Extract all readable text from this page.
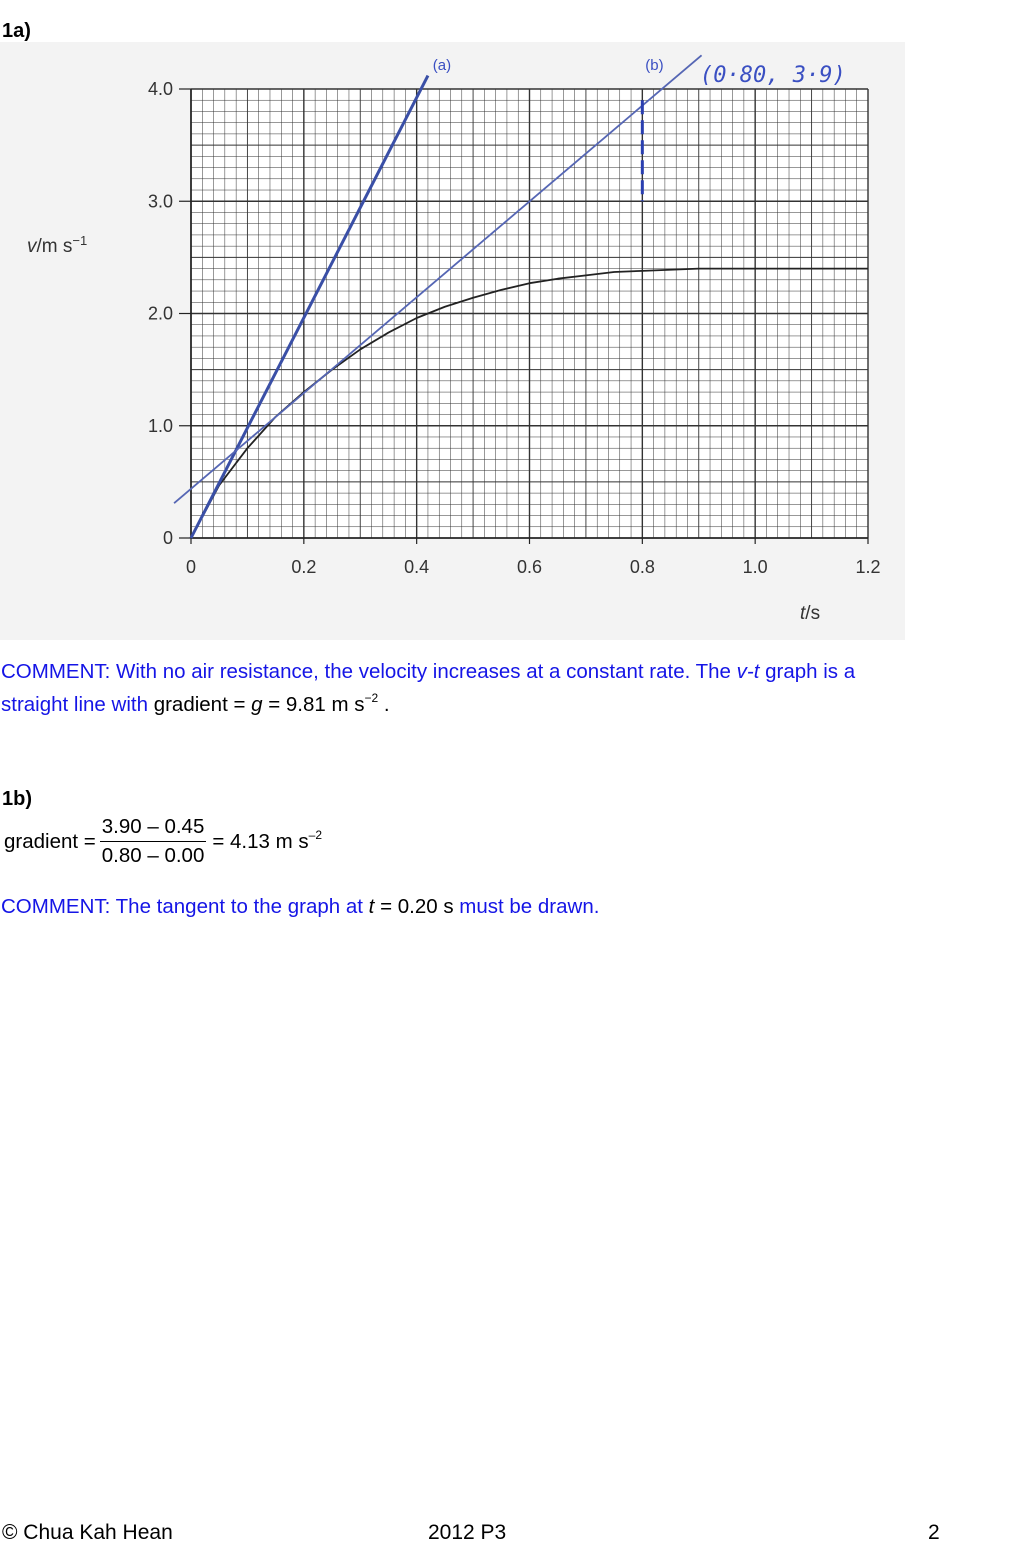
1a)
0	0.2	0.4	0.6	0.8	1.0	1.2
0
1.0
2.0
3.0
4.0
(a)	(b)
v/m $s^{-1}$
t/s
(0·80, 3·9)
COMMENT: With no air resistance, the velocity increases at a constant rate. The v-t graph is a
straight line with gradient = g = 9.81 m $s^{-2}$ .
1b)
gradient = $\frac{3.90 - 0.45}{0.80 - 0.00} = 4.13$ m $s^{-2}$
COMMENT: The tangent to the graph at t = 0.20 s must be drawn.
© Chua Kah Hean	2012 P3	2
